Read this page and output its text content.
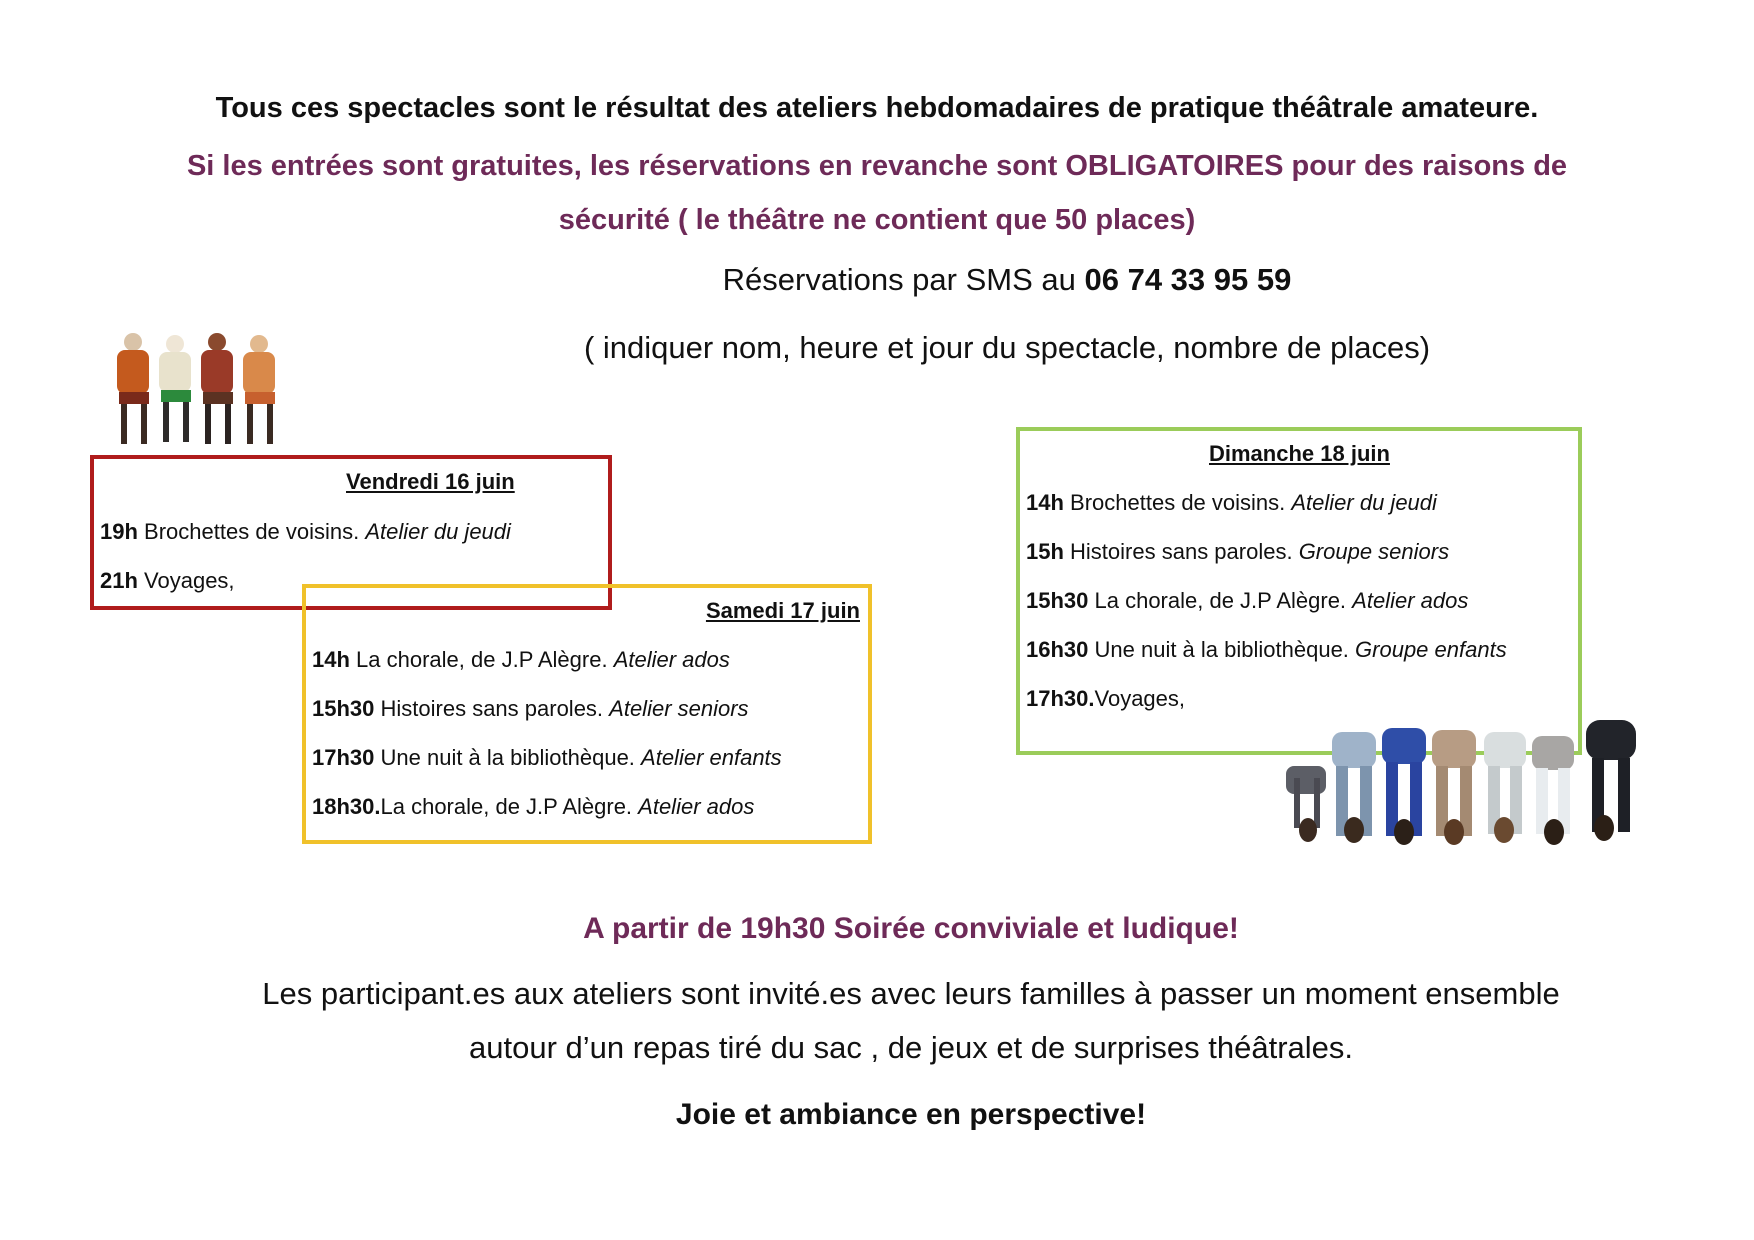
Tous ces spectacles sont le résultat des ateliers hebdomadaires de pratique théâtrale amateure.
Si les entrées sont gratuites, les réservations en revanche sont OBLIGATOIRES pour des raisons de
sécurité ( le théâtre ne contient que 50 places)
Réservations par SMS au 06 74 33 95 59
( indiquer nom, heure et jour du spectacle, nombre de places)
Vendredi 16 juin
19h Brochettes de voisins. Atelier du jeudi
21h Voyages,
Samedi 17 juin
14h La chorale, de J.P Alègre. Atelier ados
15h30 Histoires sans paroles. Atelier seniors
17h30 Une nuit à la bibliothèque. Atelier enfants
18h30.La chorale, de J.P Alègre. Atelier ados
Dimanche 18 juin
14h Brochettes de voisins. Atelier du jeudi
15h Histoires sans paroles. Groupe seniors
15h30 La chorale, de J.P Alègre. Atelier ados
16h30 Une nuit à la bibliothèque. Groupe enfants
17h30.Voyages,
A partir de 19h30 Soirée conviviale et ludique!
Les participant.es aux ateliers sont invité.es avec leurs familles à passer un moment ensemble
autour d’un repas tiré du sac , de jeux et de surprises théâtrales.
Joie et ambiance en perspective!
